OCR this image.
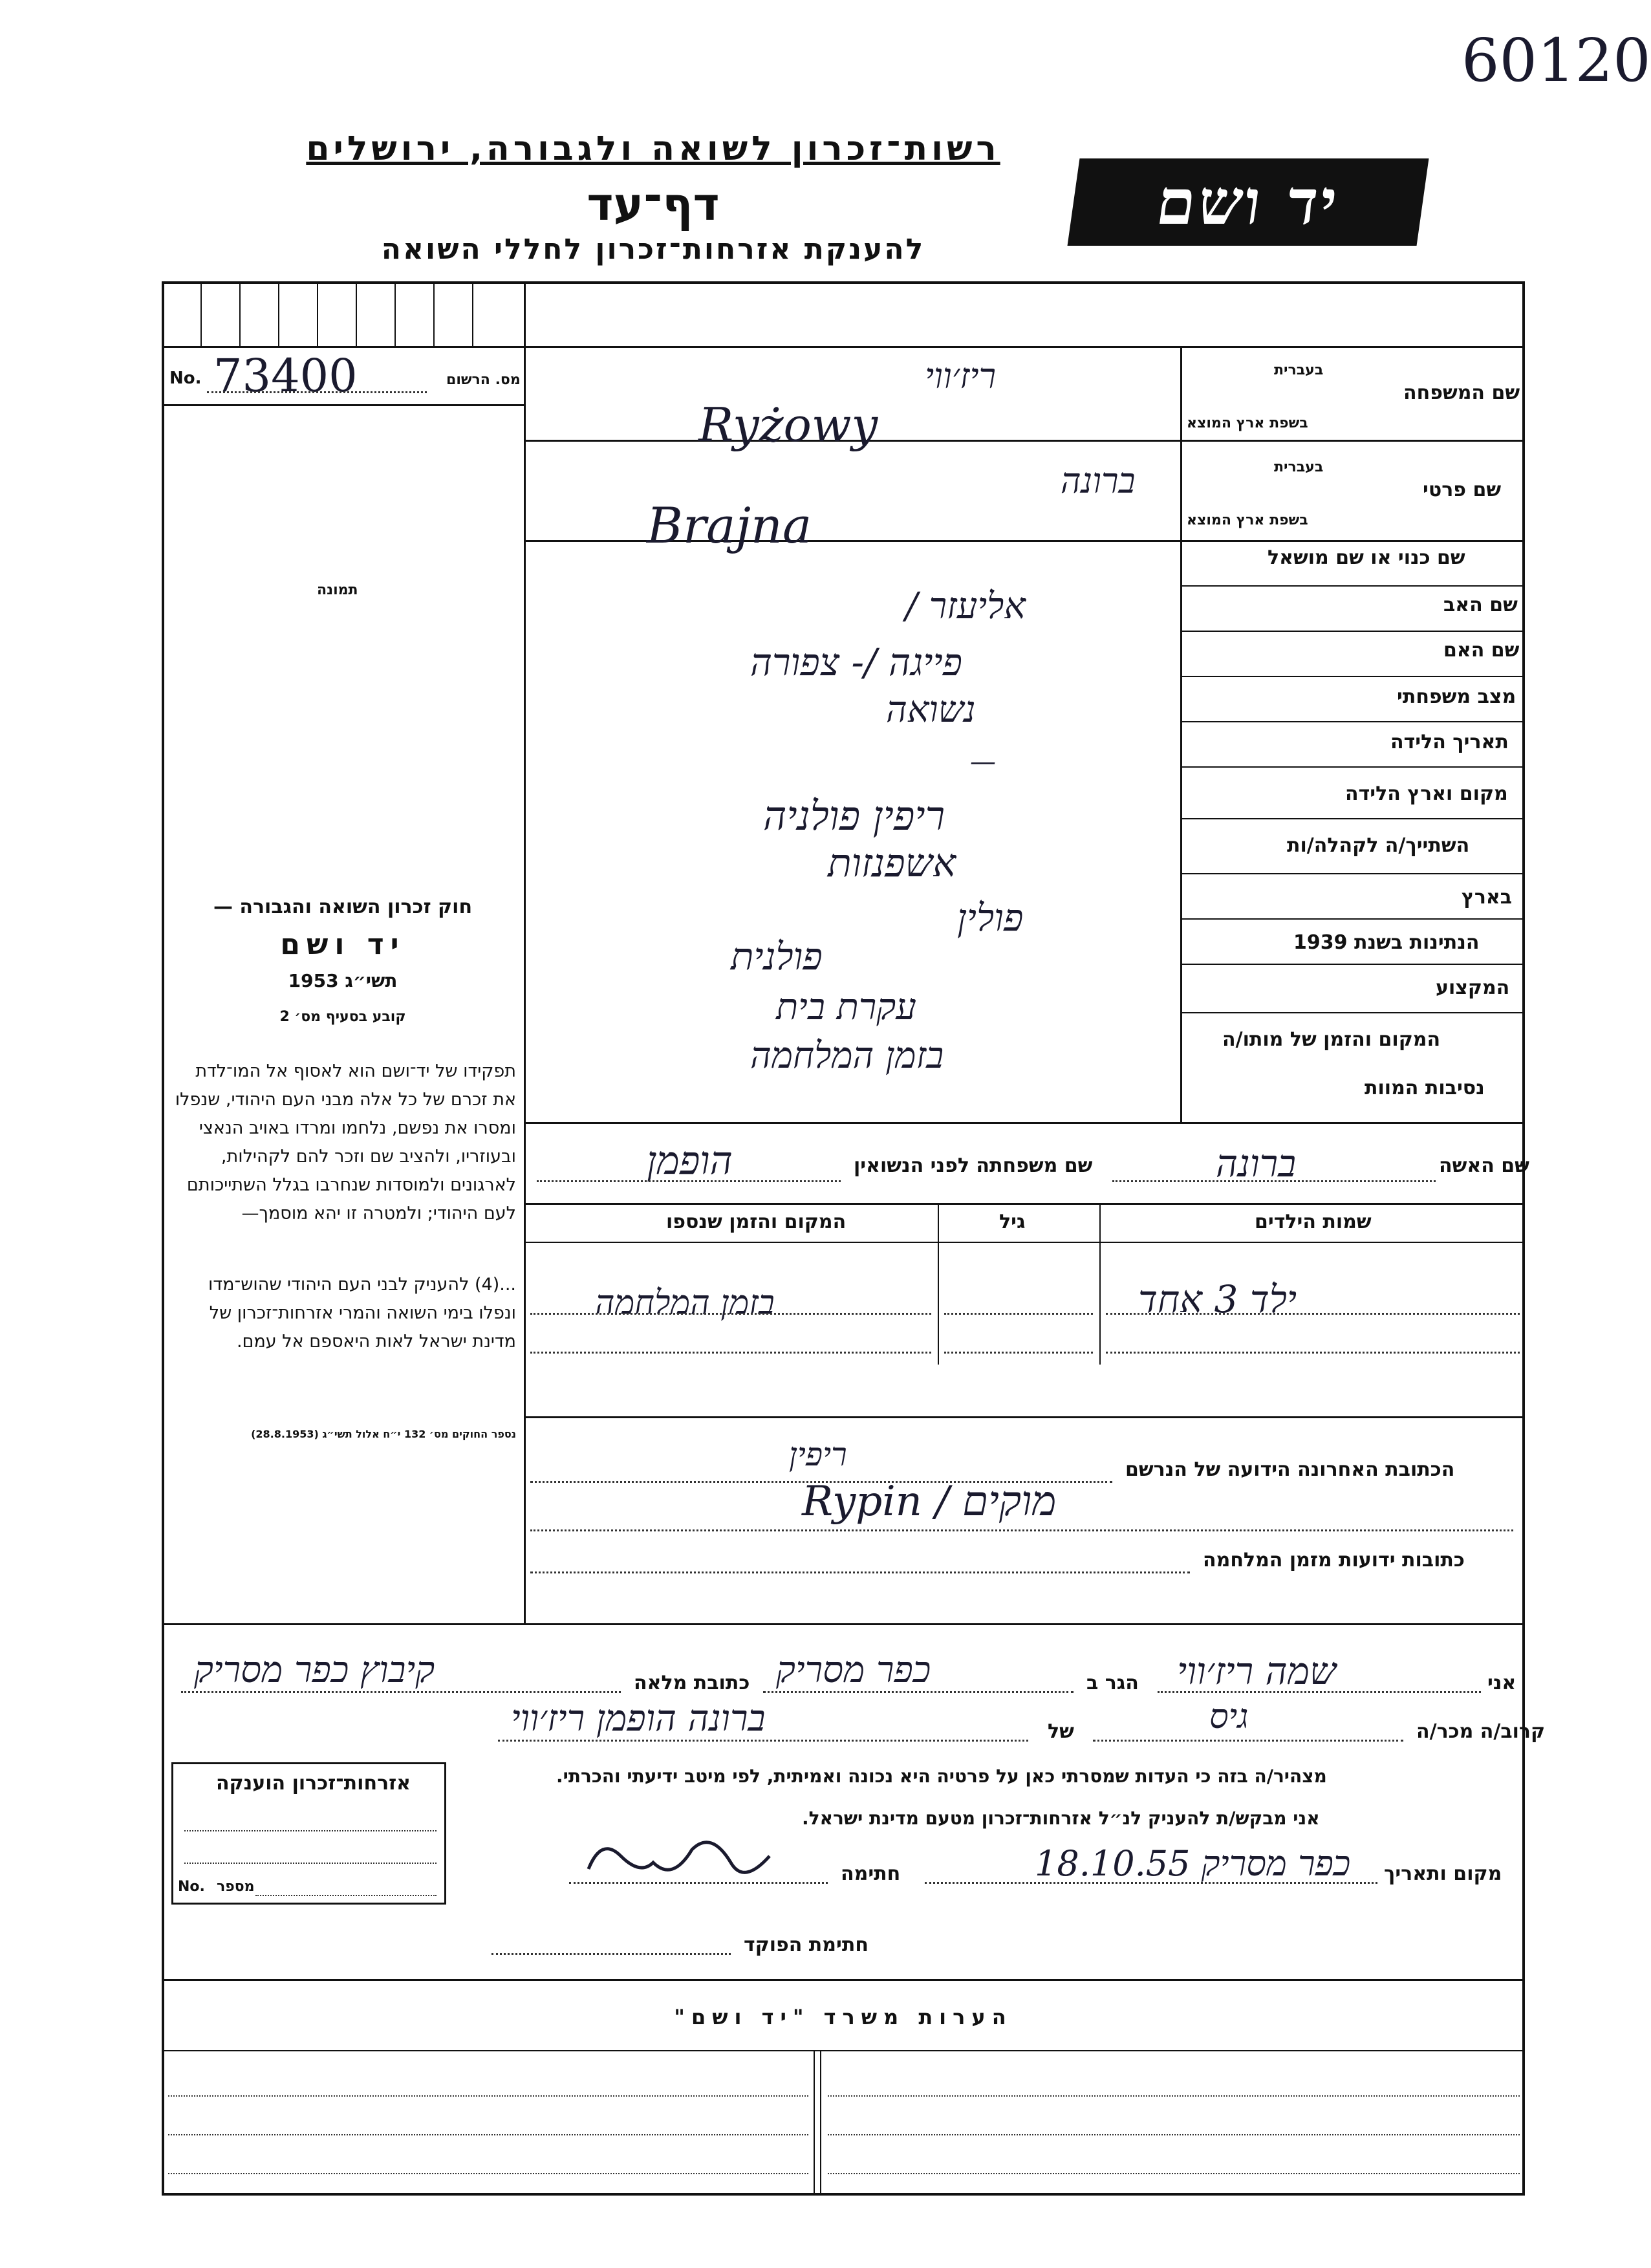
60120
רשות־זכרון לשואה ולגבורה, ירושלים
דף־עד
להענקת אזרחות־זכרון לחללי השואה
יד ושם
No. 73400	מס. הרשום
תמונה
חוק זכרון השואה והגבורה —
יד ושם
תשי״ג 1953
קובע בסעיף מס׳ 2
תפקידו של יד־ושם הוא לאסוף אל המו־לדת את זכרם של כל אלה מבני העם היהודי, שנפלו ומסרו את נפשם, נלחמו ומרדו באויב הנאצי ובעוזריו, ולהציב שם וזכר להם לקהילות, לארגונים ולמוסדות שנחרבו בגלל השתייכותם לעם היהודי; ולמטרה זו יהא מוסמך—
...(4) להעניק לבני העם היהודי שהוש־מדו ונפלו בימי השואה והמרי אזרחות־זכרון של מדינת ישראל לאות היאספם אל עמם.
נספר החוקים מס׳ 132 י״ח אלול תשי״ג (28.8.1953)
שם המשפחה
בעברית
בשפת ארץ המוצא
ריז׳ווי
Ryżowy
שם פרטי
בעברית
בשפת ארץ המוצא
ברונה
Brajna
שם כנוי או שם מושאל
שם האב
אליעזר /
שם האם
פייגה /- צפורה
מצב משפחתי
נשואה
תאריך הלידה
—
מקום וארץ הלידה
ריפין פולניה
השתייך/ה לקהלה/ות
אשפנזות
בארץ
פולין
הנתינות בשנת 1939
פולנית
המקצוע
עקרת בית
המקום והזמן של מותו/ה
נסיבות המוות
בזמן המלחמה
שם האשה
ברונה
שם משפחתה לפני הנשואין
הופמן
שמות הילדים
גיל
המקום והזמן שנספו
ילד 3 אחד
בזמן המלחמה
הכתובת האחרונה הידועה של הנרשם
ריפין
Rypin / מוקים
כתובות ידועות מזמן המלחמה
אני
שמה ריז׳ווי
הגר ב
כפר מסריק
כתובת מלאה
קיבוץ כפר מסריק
קרוב/ה מכר/ה
גיס
של
ברונה הופמן ריז׳ווי
מצהיר/ה בזה כי העדות שמסרתי כאן על פרטיה היא נכונה ואמיתית, לפי מיטב ידיעתי והכרתי.
אני מבקש/ת להעניק לנ״ל אזרחות־זכרון מטעם מדינת ישראל.
מקום ותאריך
כפר מסריק 18.10.55
חתימה
חתימת הפוקד
אזרחות־זכרון הוענקה
מספר
No.
הערות משרד "יד ושם"
